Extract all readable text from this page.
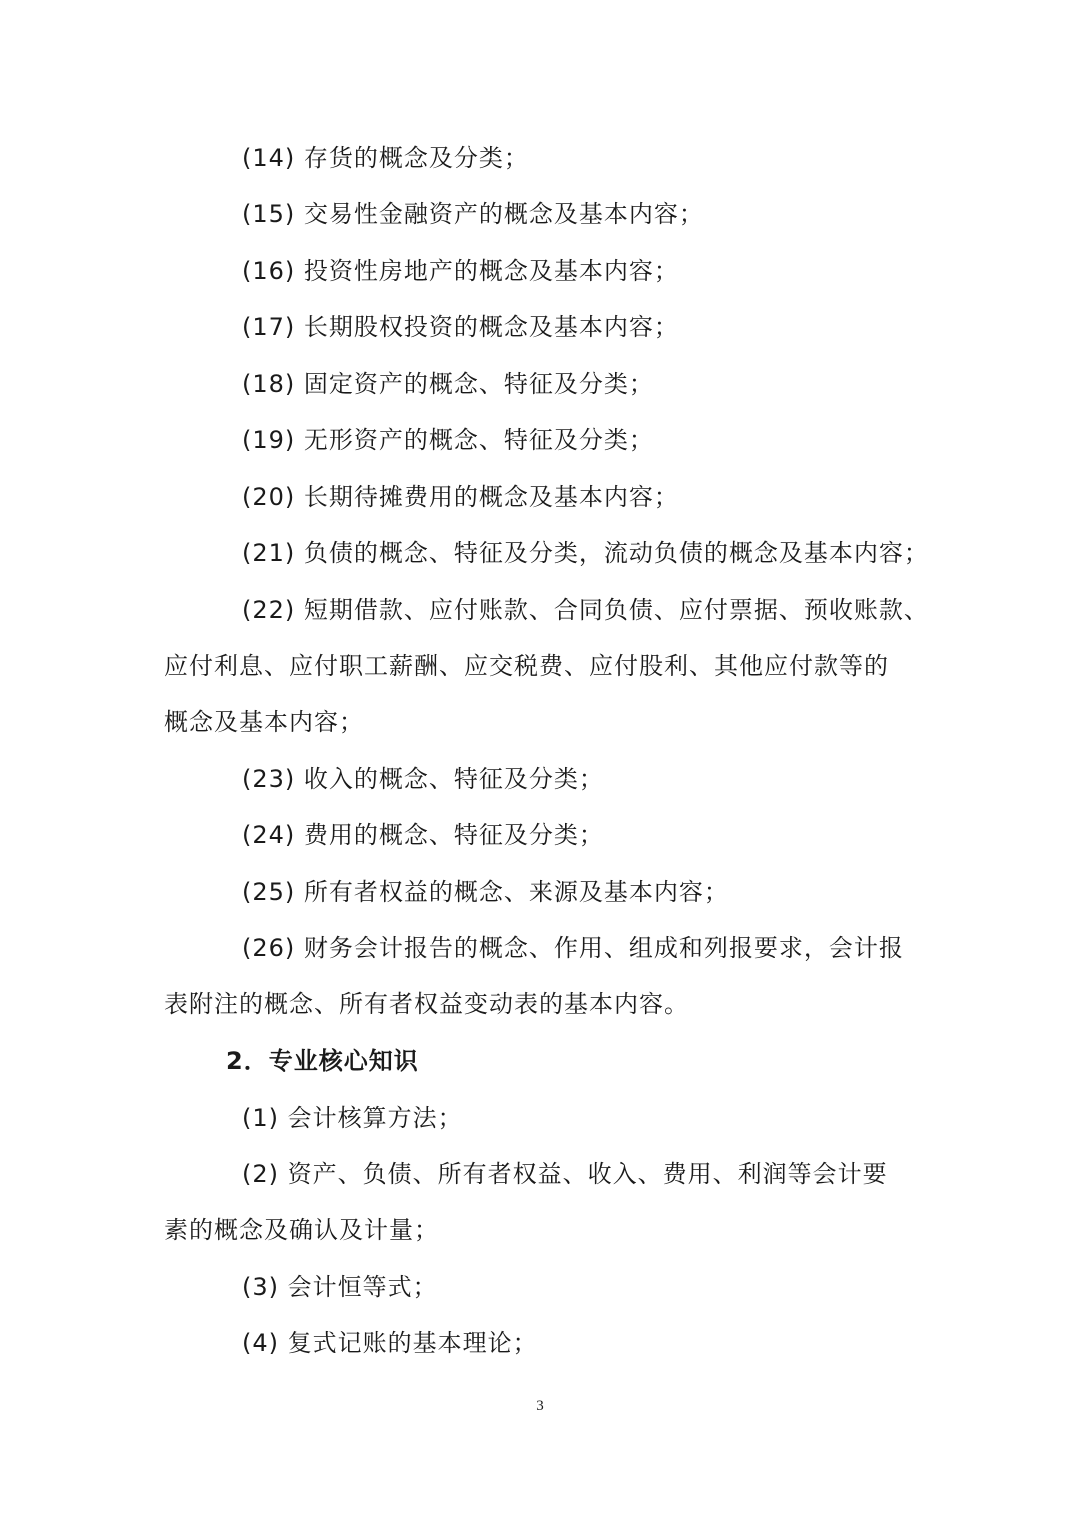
(14) 存货的概念及分类；
(15) 交易性金融资产的概念及基本内容；
(16) 投资性房地产的概念及基本内容；
(17) 长期股权投资的概念及基本内容；
(18) 固定资产的概念、特征及分类；
(19) 无形资产的概念、特征及分类；
(20) 长期待摊费用的概念及基本内容；
(21) 负债的概念、特征及分类，流动负债的概念及基本内容；
(22) 短期借款、应付账款、合同负债、应付票据、预收账款、
应付利息、应付职工薪酬、应交税费、应付股利、其他应付款等的
概念及基本内容；
(23) 收入的概念、特征及分类；
(24) 费用的概念、特征及分类；
(25) 所有者权益的概念、来源及基本内容；
(26) 财务会计报告的概念、作用、组成和列报要求，会计报
表附注的概念、所有者权益变动表的基本内容。
2．专业核心知识
(1) 会计核算方法；
(2) 资产、负债、所有者权益、收入、费用、利润等会计要
素的概念及确认及计量；
(3) 会计恒等式；
(4) 复式记账的基本理论；
3
